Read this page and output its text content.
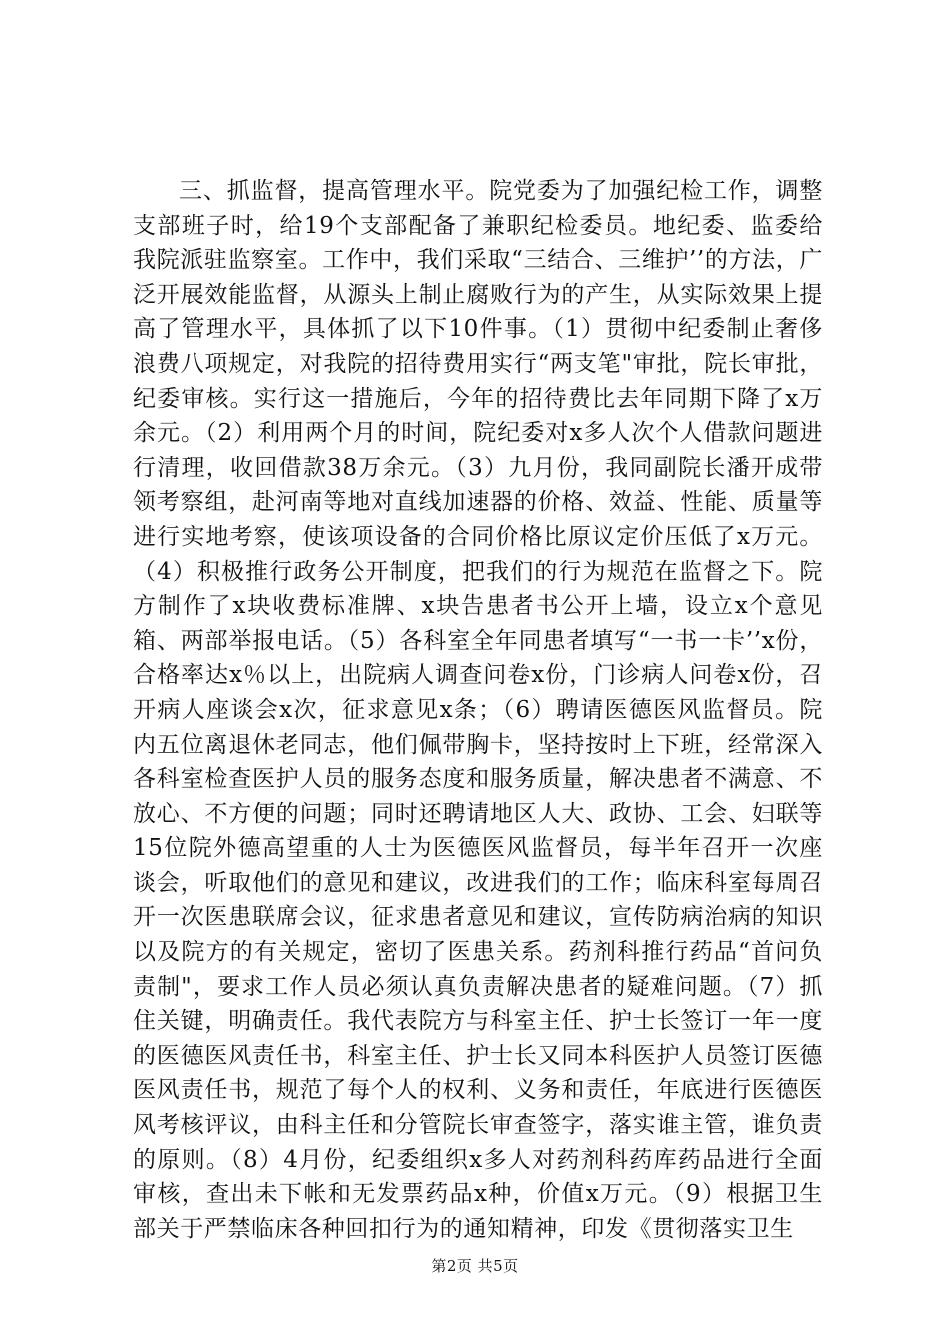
三、抓监督，提高管理水平。院党委为了加强纪检工作，调整支部班子时，给19个支部配备了兼职纪检委员。地纪委、监委给我院派驻监察室。工作中，我们采取“三结合、三维护’’的方法，广泛开展效能监督，从源头上制止腐败行为的产生，从实际效果上提高了管理水平，具体抓了以下10件事。（1）贯彻中纪委制止奢侈浪费八项规定，对我院的招待费用实行“两支笔"审批，院长审批，纪委审核。实行这一措施后，今年的招待费比去年同期下降了x万余元。（2）利用两个月的时间，院纪委对x多人次个人借款问题进行清理，收回借款38万余元。（3）九月份，我同副院长潘开成带领考察组，赴河南等地对直线加速器的价格、效益、性能、质量等进行实地考察，使该项设备的合同价格比原议定价压低了x万元。（4）积极推行政务公开制度，把我们的行为规范在监督之下。院方制作了x块收费标准牌、x块告患者书公开上墙，设立x个意见箱、两部举报电话。（5）各科室全年同患者填写“一书一卡’’x份，合格率达x％以上，出院病人调查问卷x份，门诊病人问卷x份，召开病人座谈会x次，征求意见x条；（6）聘请医德医风监督员。院内五位离退休老同志，他们佩带胸卡，坚持按时上下班，经常深入各科室检查医护人员的服务态度和服务质量，解决患者不满意、不放心、不方便的问题；同时还聘请地区人大、政协、工会、妇联等15位院外德高望重的人士为医德医风监督员，每半年召开一次座谈会，听取他们的意见和建议，改进我们的工作；临床科室每周召开一次医患联席会议，征求患者意见和建议，宣传防病治病的知识以及院方的有关规定，密切了医患关系。药剂科推行药品“首问负责制"，要求工作人员必须认真负责解决患者的疑难问题。（7）抓住关键，明确责任。我代表院方与科室主任、护士长签订一年一度的医德医风责任书，科室主任、护士长又同本科医护人员签订医德医风责任书，规范了每个人的权利、义务和责任，年底进行医德医风考核评议，由科主任和分管院长审查签字，落实谁主管，谁负责的原则。（8）4月份，纪委组织x多人对药剂科药库药品进行全面审核，查出未下帐和无发票药品x种，价值x万元。（9）根据卫生部关于严禁临床各种回扣行为的通知精神，印发《贯彻落实卫生

第2页 共5页
